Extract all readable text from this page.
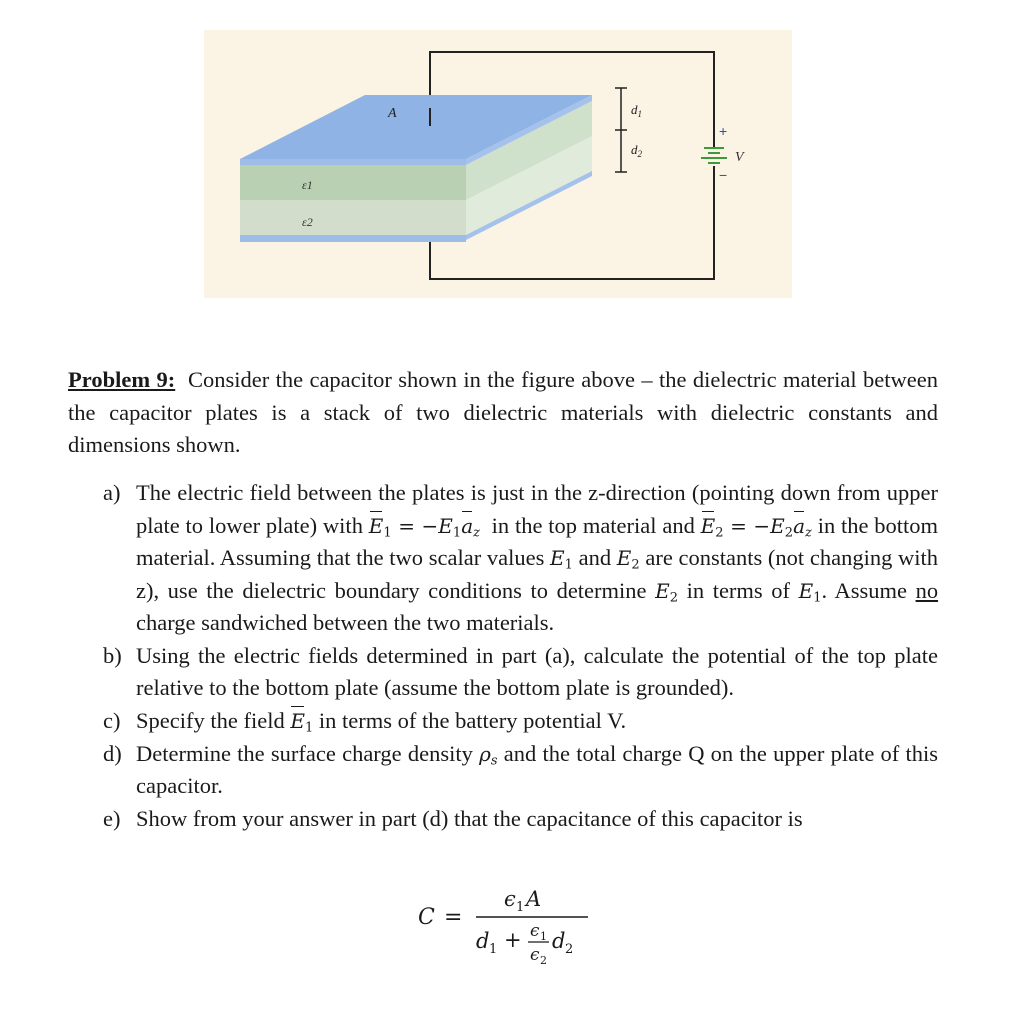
A
ε1
ε2
$d_1$
$d_2$
+
−
V

Problem 9: Consider the capacitor shown in the figure above – the dielectric material between the capacitor plates is a stack of two dielectric materials with dielectric constants and dimensions shown.

a) The electric field between the plates is just in the z-direction (pointing down from upper plate to lower plate) with $E_1 = -E_1a_z$ in the top material and $E_2 = -E_2a_z$ in the bottom material. Assuming that the two scalar values $E_1$ and $E_2$ are constants (not changing with z), use the dielectric boundary conditions to determine $E_2$ in terms of $E_1$. Assume no charge sandwiched between the two materials.
b) Using the electric fields determined in part (a), calculate the potential of the top plate relative to the bottom plate (assume the bottom plate is grounded).
c) Specify the field $E_1$ in terms of the battery potential V.
d) Determine the surface charge density $\rho_s$ and the total charge Q on the upper plate of this capacitor.
e) Show from your answer in part (d) that the capacitance of this capacitor is
C =
ϵ 1 A
d 1 + ϵ 1
ϵ 2
d 2
